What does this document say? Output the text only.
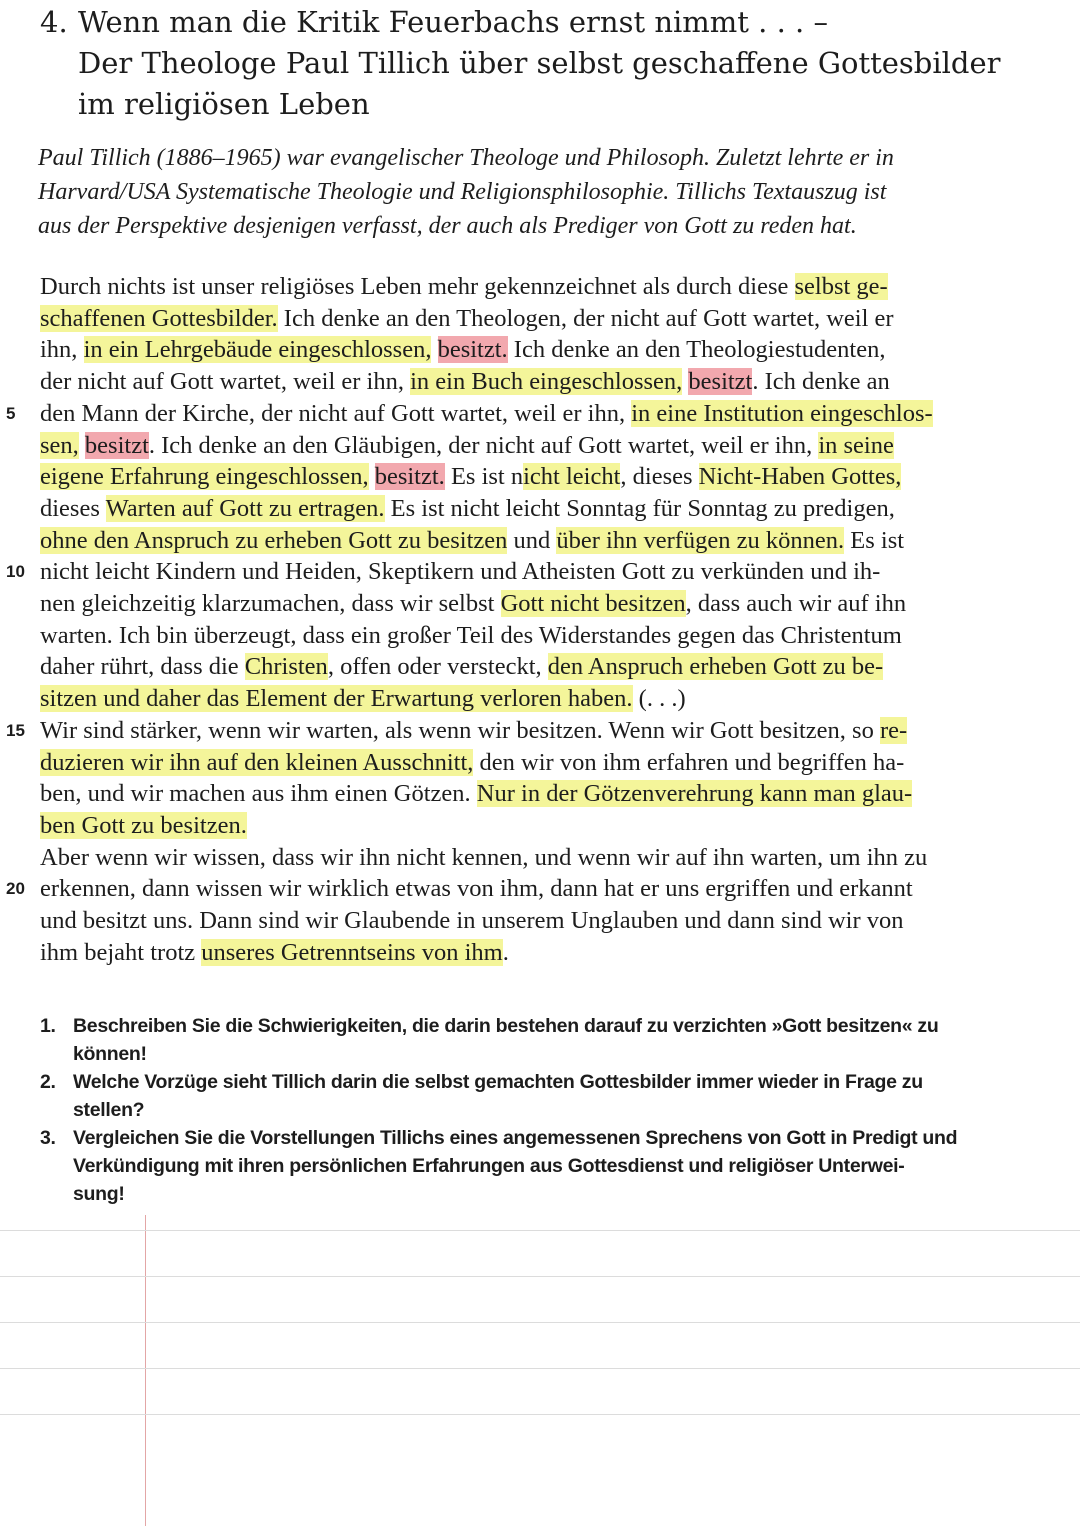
4. Wenn man die Kritik Feuerbachs ernst nimmt . . . –
Der Theologe Paul Tillich über selbst geschaffene Gottesbilder
im religiösen Leben
Paul Tillich (1886–1965) war evangelischer Theologe und Philosoph. Zuletzt lehrte er in
Harvard/USA Systematische Theologie und Religionsphilosophie. Tillichs Textauszug ist
aus der Perspektive desjenigen verfasst, der auch als Prediger von Gott zu reden hat.
Durch nichts ist unser religiöses Leben mehr gekennzeichnet als durch diese selbst ge-
schaffenen Gottesbilder. Ich denke an den Theologen, der nicht auf Gott wartet, weil er
ihn, in ein Lehrgebäude eingeschlossen, besitzt. Ich denke an den Theologiestudenten,
der nicht auf Gott wartet, weil er ihn, in ein Buch eingeschlossen, besitzt. Ich denke an
5 den Mann der Kirche, der nicht auf Gott wartet, weil er ihn, in eine Institution eingeschlos-
sen, besitzt. Ich denke an den Gläubigen, der nicht auf Gott wartet, weil er ihn, in seine
eigene Erfahrung eingeschlossen, besitzt. Es ist nicht leicht, dieses Nicht-Haben Gottes,
dieses Warten auf Gott zu ertragen. Es ist nicht leicht Sonntag für Sonntag zu predigen,
ohne den Anspruch zu erheben Gott zu besitzen und über ihn verfügen zu können. Es ist
10 nicht leicht Kindern und Heiden, Skeptikern und Atheisten Gott zu verkünden und ih-
nen gleichzeitig klarzumachen, dass wir selbst Gott nicht besitzen, dass auch wir auf ihn
warten. Ich bin überzeugt, dass ein großer Teil des Widerstandes gegen das Christentum
daher rührt, dass die Christen, offen oder versteckt, den Anspruch erheben Gott zu be-
sitzen und daher das Element der Erwartung verloren haben. (. . .)
15 Wir sind stärker, wenn wir warten, als wenn wir besitzen. Wenn wir Gott besitzen, so re-
duzieren wir ihn auf den kleinen Ausschnitt, den wir von ihm erfahren und begriffen ha-
ben, und wir machen aus ihm einen Götzen. Nur in der Götzenverehrung kann man glau-
ben Gott zu besitzen.
Aber wenn wir wissen, dass wir ihn nicht kennen, und wenn wir auf ihn warten, um ihn zu
20 erkennen, dann wissen wir wirklich etwas von ihm, dann hat er uns ergriffen und erkannt
und besitzt uns. Dann sind wir Glaubende in unserem Unglauben und dann sind wir von
ihm bejaht trotz unseres Getrenntseins von ihm.
1. Beschreiben Sie die Schwierigkeiten, die darin bestehen darauf zu verzichten »Gott besitzen« zu
können!
2. Welche Vorzüge sieht Tillich darin die selbst gemachten Gottesbilder immer wieder in Frage zu
stellen?
3. Vergleichen Sie die Vorstellungen Tillichs eines angemessenen Sprechens von Gott in Predigt und
Verkündigung mit ihren persönlichen Erfahrungen aus Gottesdienst und religiöser Unterwei-
sung!
